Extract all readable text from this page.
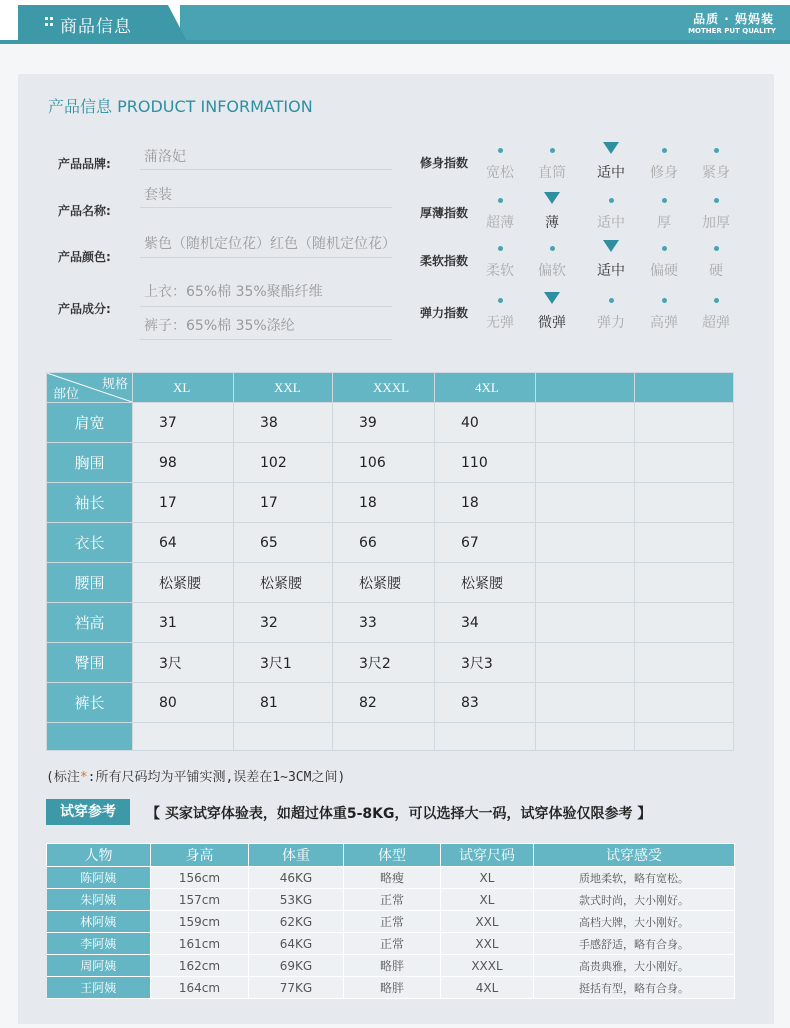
商品信息	品质 · 妈妈装
MOTHER PUT QUALITY
产品信息 PRODUCT INFORMATION
产品品牌: 蒲洛妃
产品名称:
套装
产品颜色:
紫色（随机定位花）红色（随机定位花）
产品成分:
上衣：65%棉 35%聚酯纤维
裤子：65%棉 35%涤纶
修身指数
宽松 直筒 适中 修身 紧身
厚薄指数
超薄 薄	适中 厚 加厚
柔软指数
柔软 偏软 适中 偏硬 硬
弹力指数
无弹 微弹 弹力 高弹 超弹
规格
部位	XL	XXL	XXXL	4XL		
肩宽	37	38	39	40		
胸围	98	102	106	110		
袖长	17	17	18	18		
衣长	64	65	66	67		
腰围	松紧腰	松紧腰	松紧腰	松紧腰		
裆高	31	32	33	34		
臀围	3尺	3尺1	3尺2	3尺3		
裤长	80	81	82	83		

(标注*:所有尺码均为平铺实测,误差在1~3CM之间)
试穿参考	【 买家试穿体验表，如超过体重5-8KG，可以选择大一码，试穿体验仅限参考 】
人物	身高	体重	体型	试穿尺码	试穿感受
陈阿姨	156cm	46KG	略瘦	XL	质地柔软，略有宽松。
朱阿姨	157cm	53KG	正常	XL	款式时尚，大小刚好。
林阿姨	159cm	62KG	正常	XXL	高档大牌，大小刚好。
李阿姨	161cm	64KG	正常	XXL	手感舒适，略有合身。
周阿姨	162cm	69KG	略胖	XXXL	高贵典雅，大小刚好。
王阿姨	164cm	77KG	略胖	4XL	挺括有型，略有合身。
